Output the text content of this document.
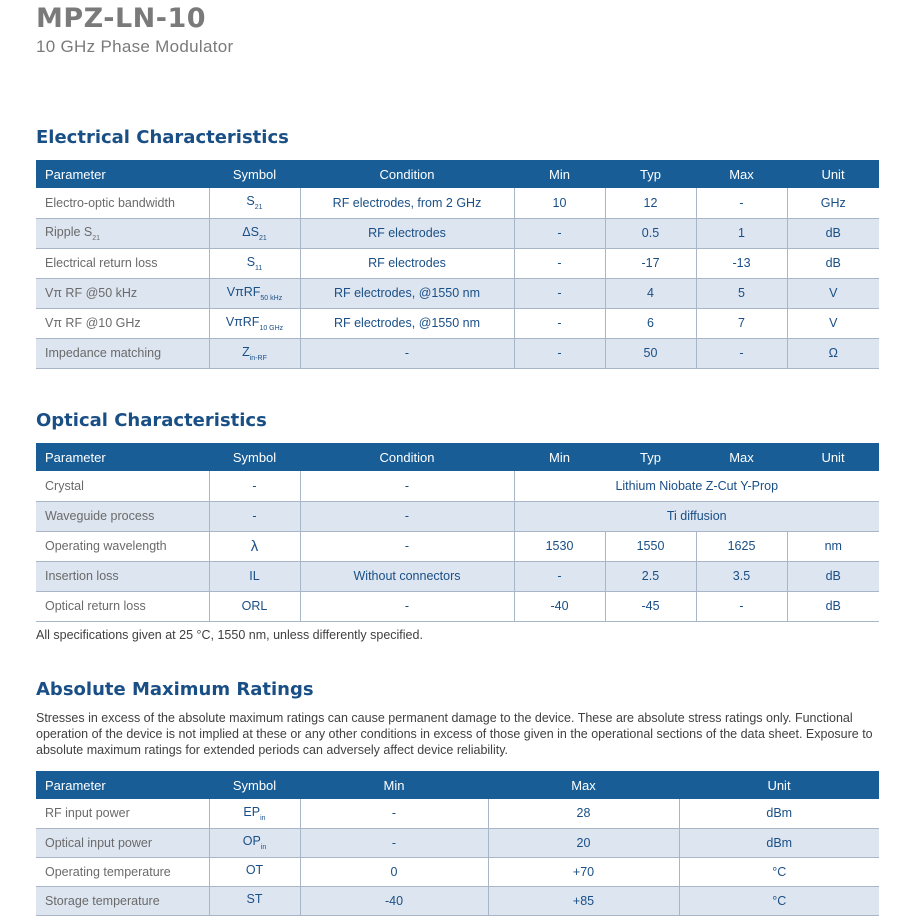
MPZ-LN-10
10 GHz Phase Modulator
Electrical Characteristics
Parameter	Symbol	Condition	Min	Typ	Max	Unit
Electro-optic bandwidth	$S_{21}$	RF electrodes, from 2 GHz	10	12	-	GHz
Ripple $S_{21}$	$\Delta S_{21}$	RF electrodes	-	0.5	1	dB
Electrical return loss	$S_{11}$	RF electrodes	-	-17	-13	dB
Vπ RF @50 kHz	VπRF$_{50 kHz}$	RF electrodes, @1550 nm	-	4	5	V
Vπ RF @10 GHz	VπRF$_{10 GHz}$	RF electrodes, @1550 nm	-	6	7	V
Impedance matching	$Z_{in-RF}$	-	-	50	-	Ω
Optical Characteristics
Parameter	Symbol	Condition	Min	Typ	Max	Unit
Crystal	-	-	Lithium Niobate Z-Cut Y-Prop			
Waveguide process	-	-	Ti diffusion			
Operating wavelength	λ	-	1530	1550	1625	nm
Insertion loss	IL	Without connectors	-	2.5	3.5	dB
Optical return loss	ORL	-	-40	-45	-	dB
All specifications given at 25 °C, 1550 nm, unless differently specified.
Absolute Maximum Ratings
Stresses in excess of the absolute maximum ratings can cause permanent damage to the device. These are absolute stress ratings only. Functional operation of the device is not implied at these or any other conditions in excess of those given in the operational sections of the data sheet. Exposure to absolute maximum ratings for extended periods can adversely affect device reliability.
Parameter	Symbol	Min	Max	Unit
RF input power	$EP_{in}$	-	28	dBm
Optical input power	$OP_{in}$	-	20	dBm
Operating temperature	OT	0	+70	°C
Storage temperature	ST	-40	+85	°C
